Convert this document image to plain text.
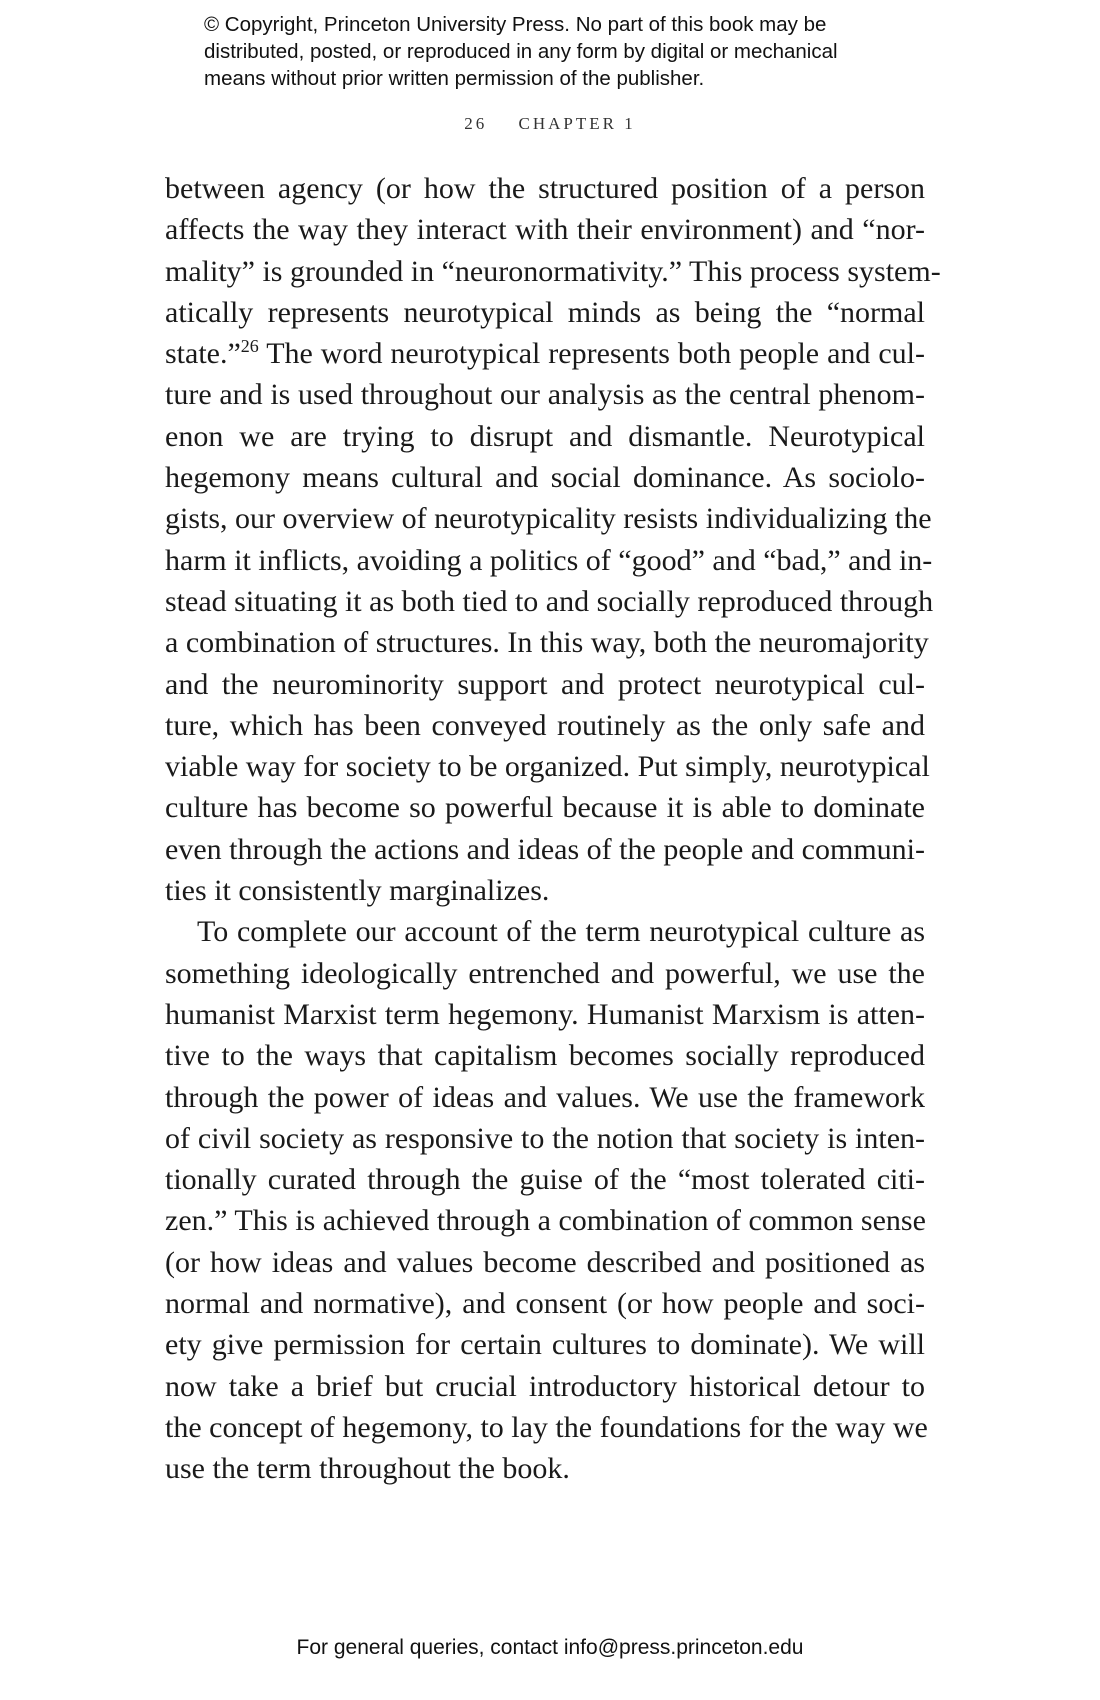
© Copyright, Princeton University Press. No part of this book may be
distributed, posted, or reproduced in any form by digital or mechanical
means without prior written permission of the publisher.
26 CHAPTER 1
between agency (or how the structured position of a person
affects the way they interact with their environment) and “nor-
mality” is grounded in “neuronormativity.” This process system-
atically represents neurotypical minds as being the “normal
state.”$^{26}$ The word neurotypical represents both people and cul-
ture and is used throughout our analysis as the central phenom-
enon we are trying to disrupt and dismantle. Neurotypical
hegemony means cultural and social dominance. As sociolo-
gists, our overview of neurotypicality resists individualizing the
harm it inflicts, avoiding a politics of “good” and “bad,” and in-
stead situating it as both tied to and socially reproduced through
a combination of structures. In this way, both the neuromajority
and the neurominority support and protect neurotypical cul-
ture, which has been conveyed routinely as the only safe and
viable way for society to be organized. Put simply, neurotypical
culture has become so powerful because it is able to dominate
even through the actions and ideas of the people and communi-
ties it consistently marginalizes.
To complete our account of the term neurotypical culture as
something ideologically entrenched and powerful, we use the
humanist Marxist term hegemony. Humanist Marxism is atten-
tive to the ways that capitalism becomes socially reproduced
through the power of ideas and values. We use the framework
of civil society as responsive to the notion that society is inten-
tionally curated through the guise of the “most tolerated citi-
zen.” This is achieved through a combination of common sense
(or how ideas and values become described and positioned as
normal and normative), and consent (or how people and soci-
ety give permission for certain cultures to dominate). We will
now take a brief but crucial introductory historical detour to
the concept of hegemony, to lay the foundations for the way we
use the term throughout the book.
For general queries, contact info@press.princeton.edu
